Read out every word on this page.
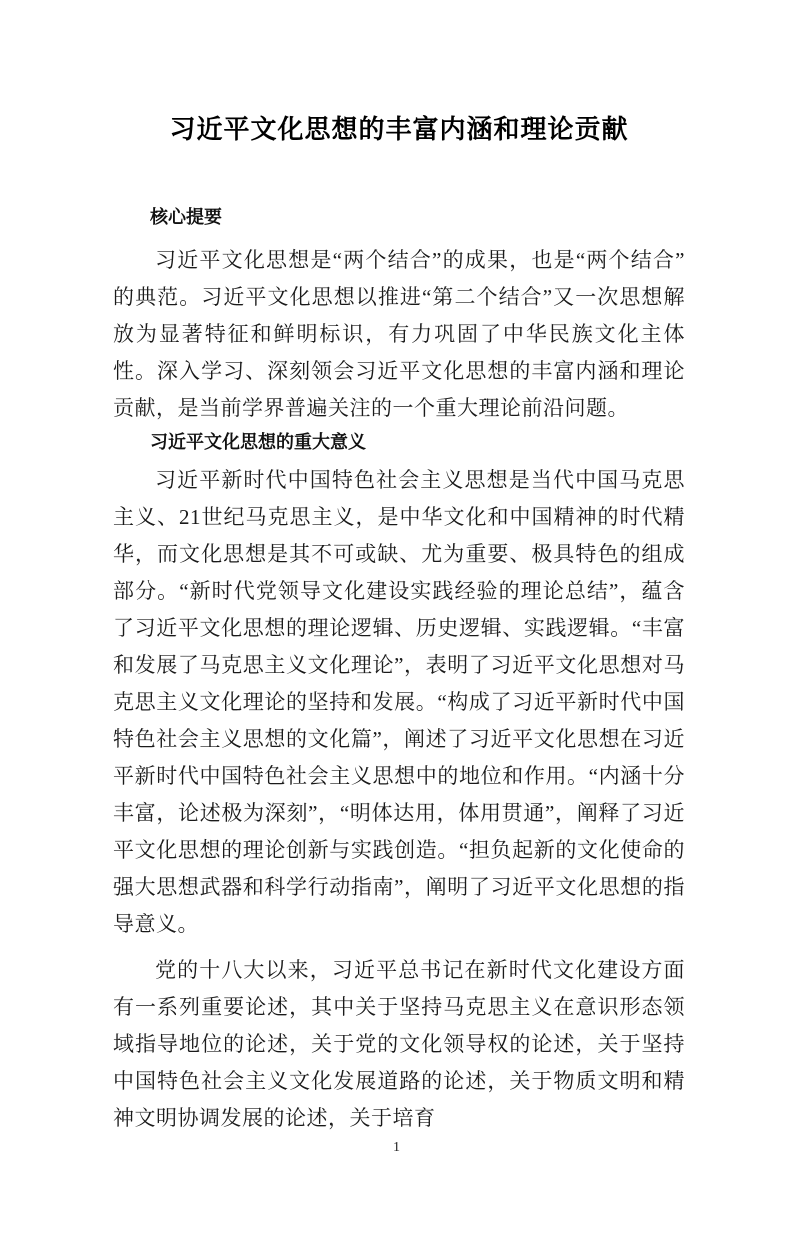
习近平文化思想的丰富内涵和理论贡献
核心提要

习近平文化思想是“两个结合”的成果，也是“两个结合”的典范。习近平文化思想以推进“第二个结合”又一次思想解放为显著特征和鲜明标识，有力巩固了中华民族文化主体性。深入学习、深刻领会习近平文化思想的丰富内涵和理论贡献，是当前学界普遍关注的一个重大理论前沿问题。

习近平文化思想的重大意义

习近平新时代中国特色社会主义思想是当代中国马克思主义、21世纪马克思主义，是中华文化和中国精神的时代精华，而文化思想是其不可或缺、尤为重要、极具特色的组成部分。“新时代党领导文化建设实践经验的理论总结”，蕴含了习近平文化思想的理论逻辑、历史逻辑、实践逻辑。“丰富和发展了马克思主义文化理论”，表明了习近平文化思想对马克思主义文化理论的坚持和发展。“构成了习近平新时代中国特色社会主义思想的文化篇”，阐述了习近平文化思想在习近平新时代中国特色社会主义思想中的地位和作用。“内涵十分丰富，论述极为深刻”，“明体达用，体用贯通”，阐释了习近平文化思想的理论创新与实践创造。“担负起新的文化使命的强大思想武器和科学行动指南”，阐明了习近平文化思想的指导意义。

党的十八大以来，习近平总书记在新时代文化建设方面有一系列重要论述，其中关于坚持马克思主义在意识形态领域指导地位的论述，关于党的文化领导权的论述，关于坚持中国特色社会主义文化发展道路的论述，关于物质文明和精神文明协调发展的论述，关于培育

1
